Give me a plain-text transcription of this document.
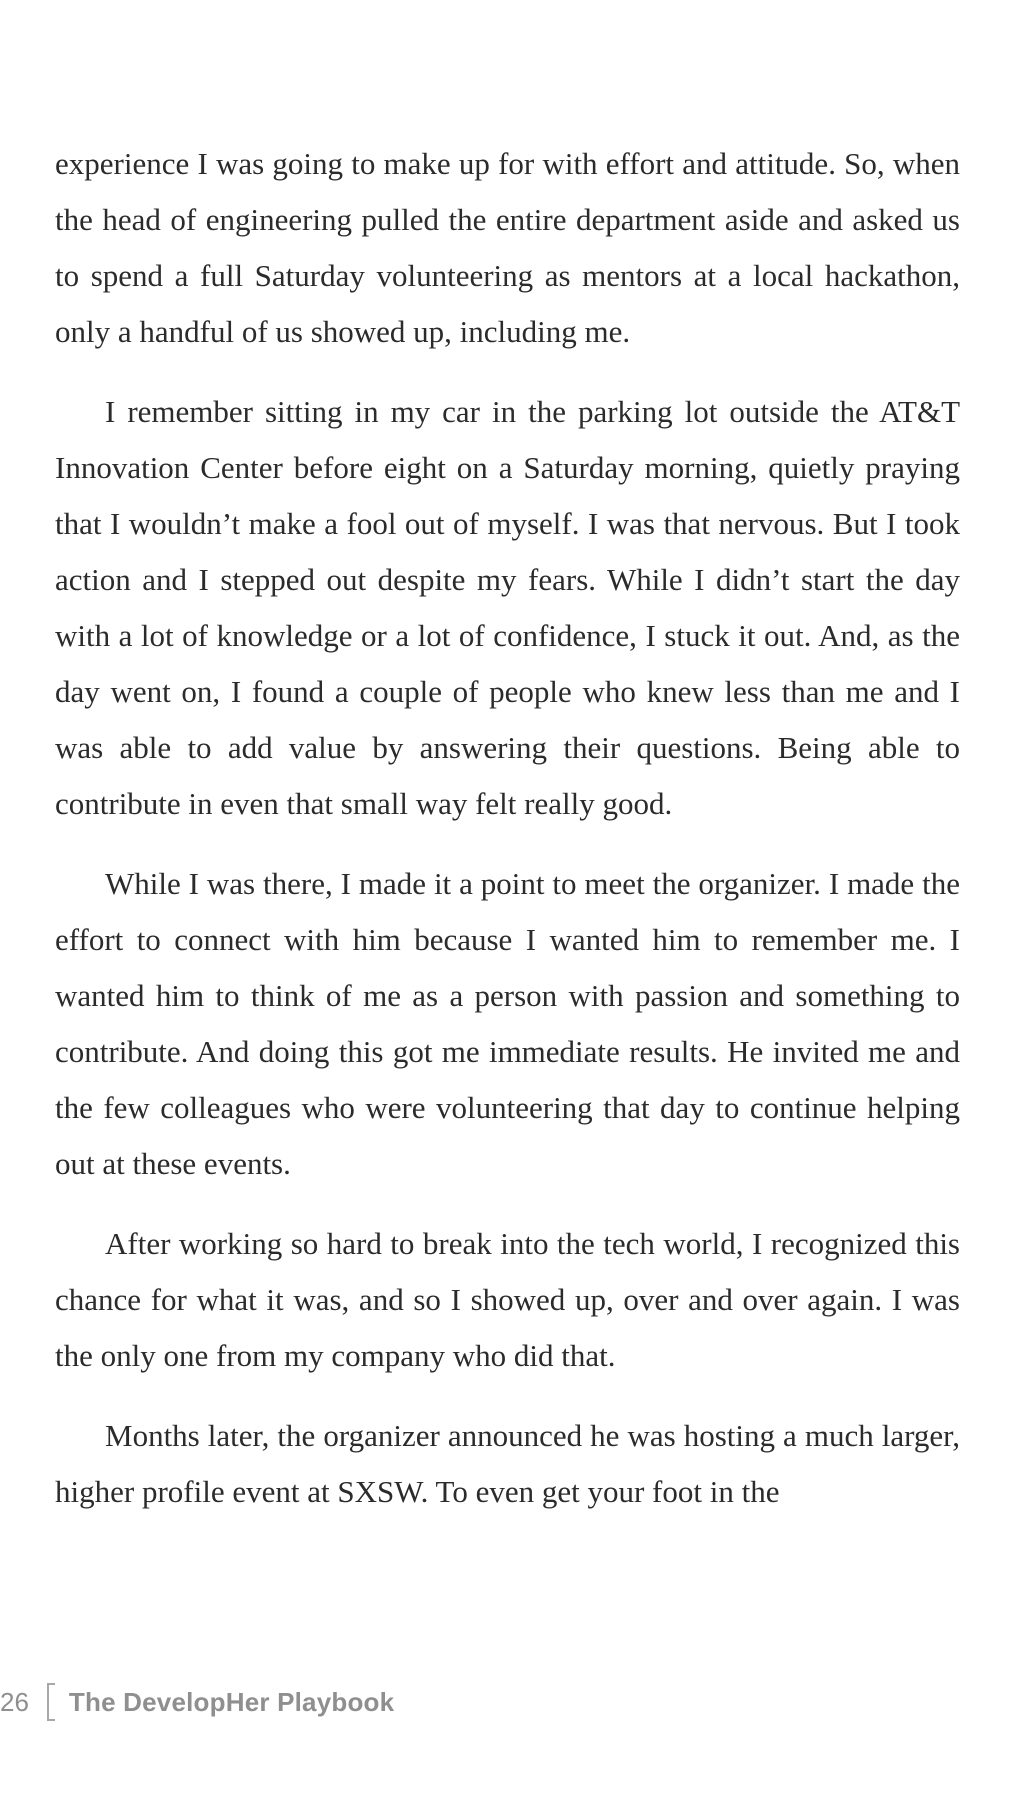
experience I was going to make up for with effort and attitude. So, when the head of engineering pulled the entire department aside and asked us to spend a full Saturday volunteering as mentors at a local hackathon, only a handful of us showed up, including me.

I remember sitting in my car in the parking lot outside the AT&T Innovation Center before eight on a Saturday morning, quietly praying that I wouldn’t make a fool out of myself. I was that nervous. But I took action and I stepped out despite my fears. While I didn’t start the day with a lot of knowledge or a lot of confidence, I stuck it out. And, as the day went on, I found a couple of people who knew less than me and I was able to add value by answering their questions. Being able to contribute in even that small way felt really good.

While I was there, I made it a point to meet the organizer. I made the effort to connect with him because I wanted him to remember me. I wanted him to think of me as a person with passion and something to contribute. And doing this got me immediate results. He invited me and the few colleagues who were volunteering that day to continue helping out at these events.

After working so hard to break into the tech world, I recognized this chance for what it was, and so I showed up, over and over again. I was the only one from my company who did that.

Months later, the organizer announced he was hosting a much larger, higher profile event at SXSW. To even get your foot in the

26 The DevelopHer Playbook
